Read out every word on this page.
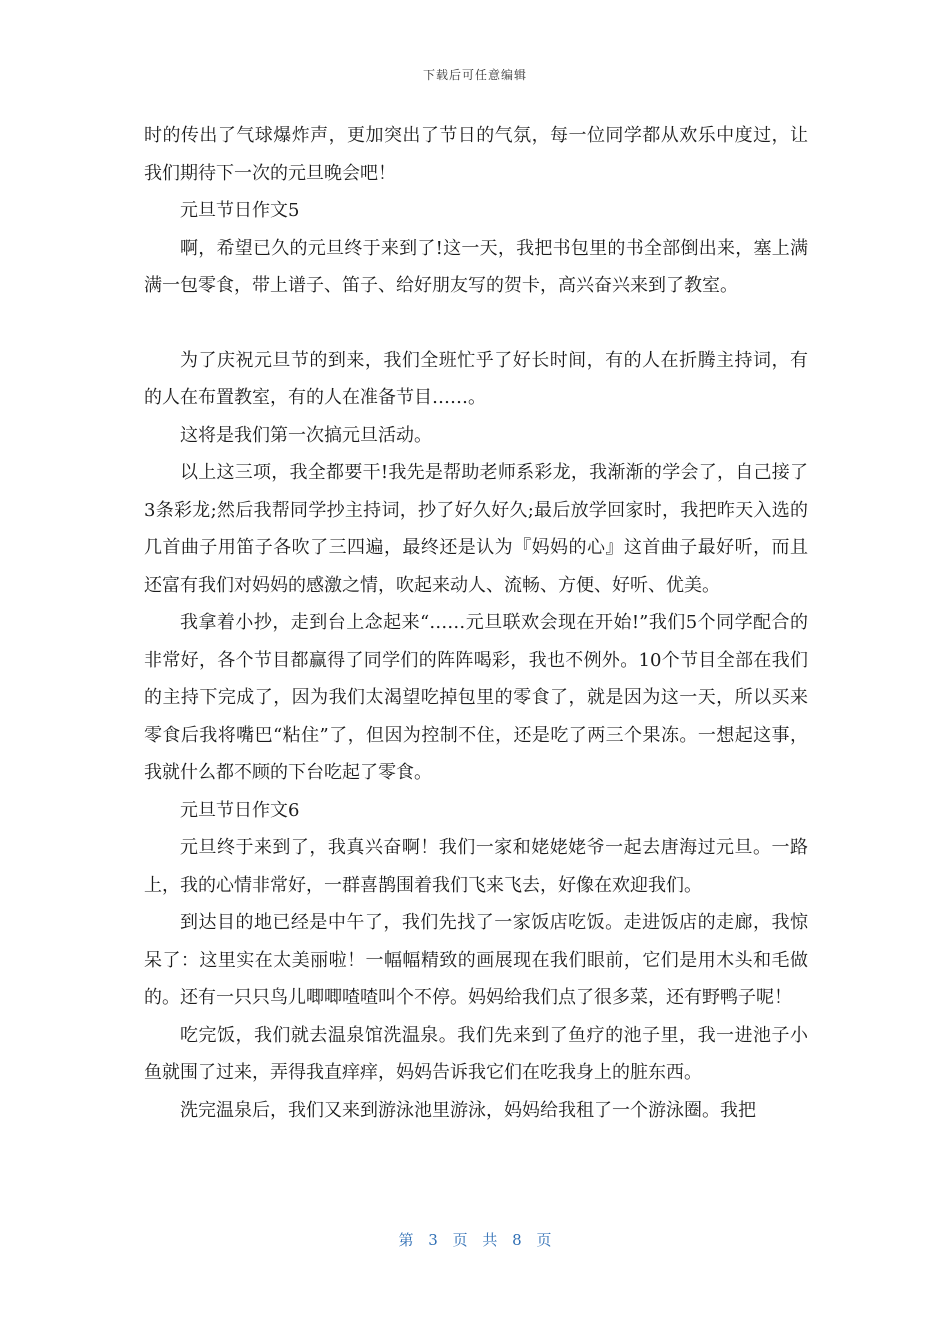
下载后可任意编辑

时的传出了气球爆炸声，更加突出了节日的气氛，每一位同学都从欢乐中度过，让我们期待下一次的元旦晚会吧！

元旦节日作文5

啊，希望已久的元旦终于来到了!这一天，我把书包里的书全部倒出来，塞上满满一包零食，带上谱子、笛子、给好朋友写的贺卡，高兴奋兴来到了教室。

为了庆祝元旦节的到来，我们全班忙乎了好长时间，有的人在折腾主持词，有的人在布置教室，有的人在准备节目……。

这将是我们第一次搞元旦活动。

以上这三项，我全都要干!我先是帮助老师系彩龙，我渐渐的学会了，自己接了3条彩龙;然后我帮同学抄主持词，抄了好久好久;最后放学回家时，我把昨天入选的几首曲子用笛子各吹了三四遍，最终还是认为『妈妈的心』这首曲子最好听，而且还富有我们对妈妈的感激之情，吹起来动人、流畅、方便、好听、优美。

我拿着小抄，走到台上念起来“……元旦联欢会现在开始!”我们5个同学配合的非常好，各个节目都赢得了同学们的阵阵喝彩，我也不例外。10个节目全部在我们的主持下完成了，因为我们太渴望吃掉包里的零食了，就是因为这一天，所以买来零食后我将嘴巴“粘住”了，但因为控制不住，还是吃了两三个果冻。一想起这事，我就什么都不顾的下台吃起了零食。

元旦节日作文6

元旦终于来到了，我真兴奋啊！我们一家和姥姥姥爷一起去唐海过元旦。一路上，我的心情非常好，一群喜鹊围着我们飞来飞去，好像在欢迎我们。

到达目的地已经是中午了，我们先找了一家饭店吃饭。走进饭店的走廊，我惊呆了：这里实在太美丽啦！一幅幅精致的画展现在我们眼前，它们是用木头和毛做的。还有一只只鸟儿唧唧喳喳叫个不停。妈妈给我们点了很多菜，还有野鸭子呢！

吃完饭，我们就去温泉馆洗温泉。我们先来到了鱼疗的池子里，我一进池子小鱼就围了过来，弄得我直痒痒，妈妈告诉我它们在吃我身上的脏东西。

洗完温泉后，我们又来到游泳池里游泳，妈妈给我租了一个游泳圈。我把

第 3 页 共 8 页
